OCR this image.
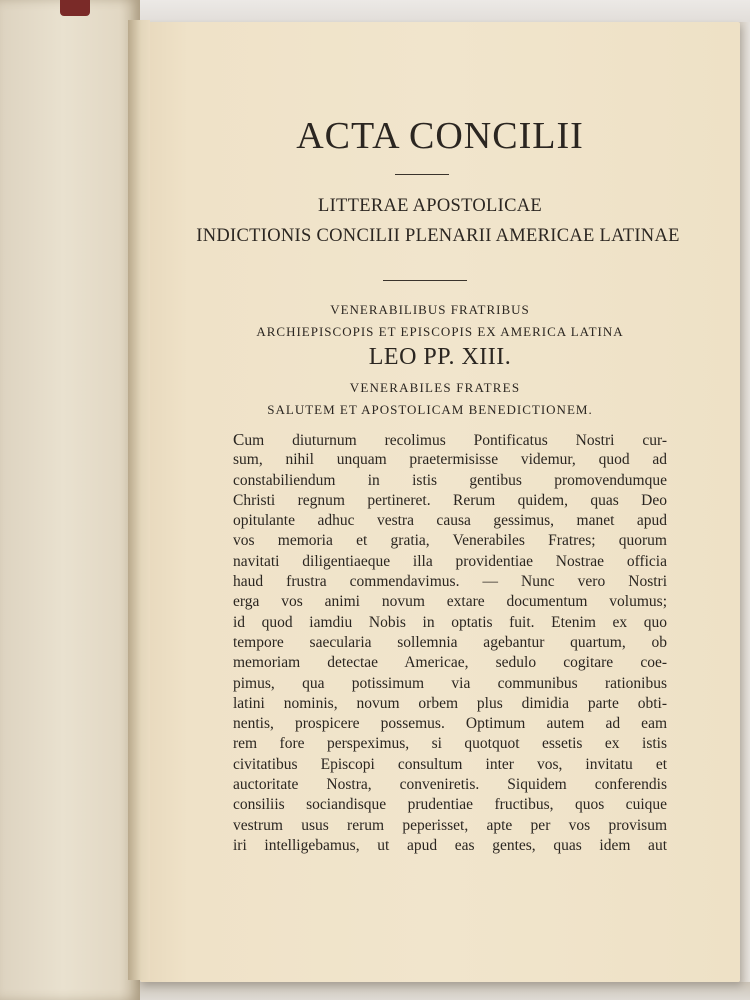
ACTA CONCILII
LITTERAE APOSTOLICAE
INDICTIONIS CONCILII PLENARII AMERICAE LATINAE
VENERABILIBUS FRATRIBUS
ARCHIEPISCOPIS ET EPISCOPIS EX AMERICA LATINA
LEO PP. XIII.
VENERABILES FRATRES
SALUTEM ET APOSTOLICAM BENEDICTIONEM.
Cum diuturnum recolimus Pontificatus Nostri cur-
sum, nihil unquam praetermisisse videmur, quod ad
constabiliendum in istis gentibus promovendumque
Christi regnum pertineret. Rerum quidem, quas Deo
opitulante adhuc vestra causa gessimus, manet apud
vos memoria et gratia, Venerabiles Fratres; quorum
navitati diligentiaeque illa providentiae Nostrae officia
haud frustra commendavimus. — Nunc vero Nostri
erga vos animi novum extare documentum volumus;
id quod iamdiu Nobis in optatis fuit. Etenim ex quo
tempore saecularia sollemnia agebantur quartum, ob
memoriam detectae Americae, sedulo cogitare coe-
pimus, qua potissimum via communibus rationibus
latini nominis, novum orbem plus dimidia parte obti-
nentis, prospicere possemus. Optimum autem ad eam
rem fore perspeximus, si quotquot essetis ex istis
civitatibus Episcopi consultum inter vos, invitatu et
auctoritate Nostra, conveniretis. Siquidem conferendis
consiliis sociandisque prudentiae fructibus, quos cuique
vestrum usus rerum peperisset, apte per vos provisum
iri intelligebamus, ut apud eas gentes, quas idem aut
